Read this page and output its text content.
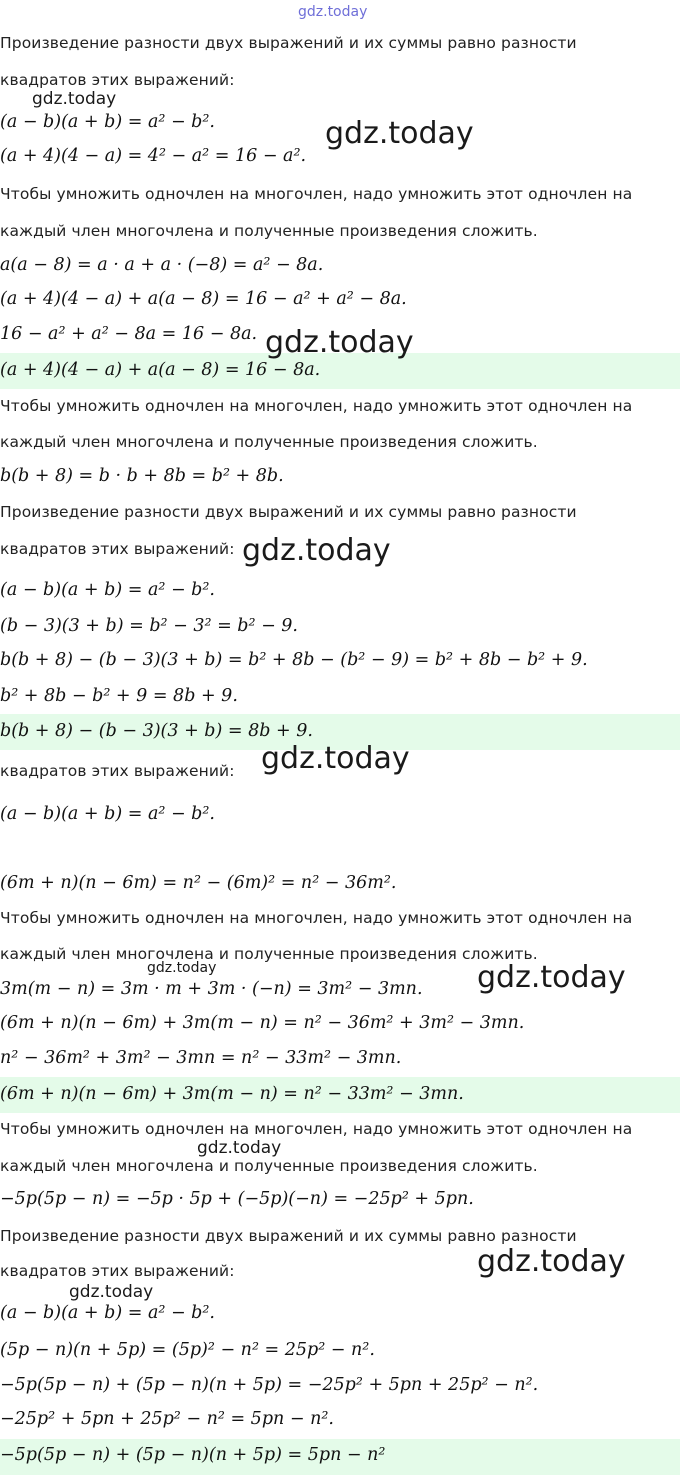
Произведение разности двух выражений и их суммы равно разности
квадратов этих выражений:
(a − b)(a + b) = a² − b².
(a + 4)(4 − a) = 4² − a² = 16 − a².
Чтобы умножить одночлен на многочлен, надо умножить этот одночлен на
каждый член многочлена и полученные произведения сложить.
a(a − 8) = a · a + a · (−8) = a² − 8a.
(a + 4)(4 − a) + a(a − 8) = 16 − a² + a² − 8a.
16 − a² + a² − 8a = 16 − 8a.
(a + 4)(4 − a) + a(a − 8) = 16 − 8a.
Чтобы умножить одночлен на многочлен, надо умножить этот одночлен на
каждый член многочлена и полученные произведения сложить.
b(b + 8) = b · b + 8b = b² + 8b.
Произведение разности двух выражений и их суммы равно разности
квадратов этих выражений:
(a − b)(a + b) = a² − b².
(b − 3)(3 + b) = b² − 3² = b² − 9.
b(b + 8) − (b − 3)(3 + b) = b² + 8b − (b² − 9) = b² + 8b − b² + 9.
b² + 8b − b² + 9 = 8b + 9.
b(b + 8) − (b − 3)(3 + b) = 8b + 9.
квадратов этих выражений:
(a − b)(a + b) = a² − b².
(6m + n)(n − 6m) = n² − (6m)² = n² − 36m².
Чтобы умножить одночлен на многочлен, надо умножить этот одночлен на
каждый член многочлена и полученные произведения сложить.
3m(m − n) = 3m · m + 3m · (−n) = 3m² − 3mn.
(6m + n)(n − 6m) + 3m(m − n) = n² − 36m² + 3m² − 3mn.
n² − 36m² + 3m² − 3mn = n² − 33m² − 3mn.
(6m + n)(n − 6m) + 3m(m − n) = n² − 33m² − 3mn.
Чтобы умножить одночлен на многочлен, надо умножить этот одночлен на
каждый член многочлена и полученные произведения сложить.
−5p(5p − n) = −5p · 5p + (−5p)(−n) = −25p² + 5pn.
Произведение разности двух выражений и их суммы равно разности
квадратов этих выражений:
(a − b)(a + b) = a² − b².
(5p − n)(n + 5p) = (5p)² − n² = 25p² − n².
−5p(5p − n) + (5p − n)(n + 5p) = −25p² + 5pn + 25p² − n².
−25p² + 5pn + 25p² − n² = 5pn − n².
−5p(5p − n) + (5p − n)(n + 5p) = 5pn − n²
gdz.today
gdz.today
gdz.today
gdz.today
gdz.today
gdz.today
gdz.today	gdz.today
gdz.today
gdz.today
gdz.today
